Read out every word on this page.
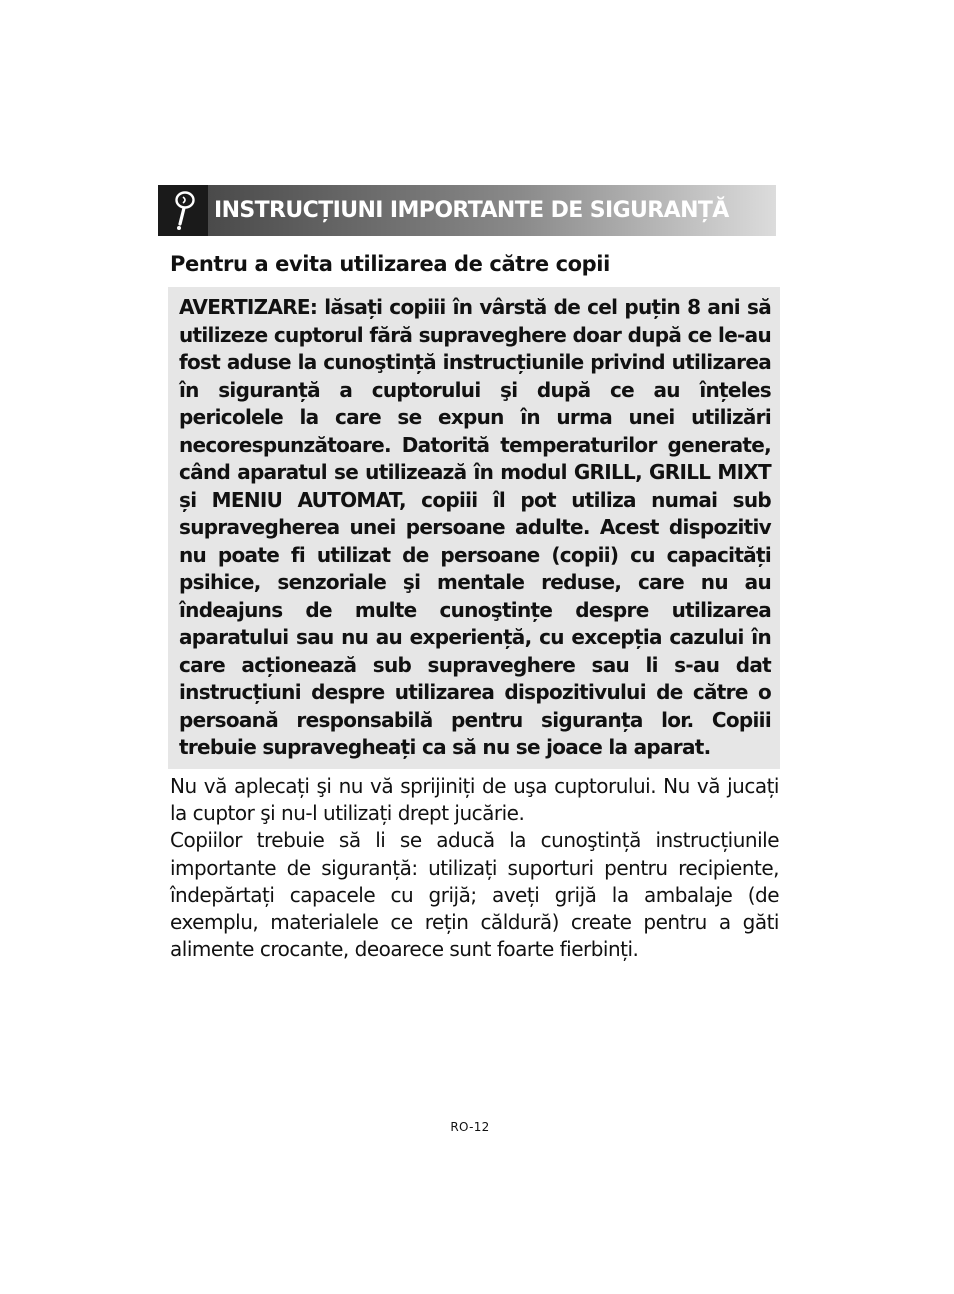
INSTRUCȚIUNI IMPORTANTE DE SIGURANȚĂ
Pentru a evita utilizarea de către copii

AVERTIZARE: lăsați copiii în vârstă de cel puțin 8 ani să utilizeze cuptorul fără supraveghere doar după ce le-au fost aduse la cunoştință instrucțiunile privind utilizarea în siguranță a cuptorului şi după ce au înțeles pericolele la care se expun în urma unei utilizări necorespunzătoare. Datorită temperaturilor generate, când aparatul se utilizează în modul GRILL, GRILL MIXT și MENIU AUTOMAT, copiii îl pot utiliza numai sub supravegherea unei persoane adulte. Acest dispozitiv nu poate fi utilizat de persoane (copii) cu capacități psihice, senzoriale şi mentale reduse, care nu au îndeajuns de multe cunoştințe despre utilizarea aparatului sau nu au experiență, cu excepția cazului în care acționează sub supraveghere sau li s-au dat instrucțiuni despre utilizarea dispozitivului de către o persoană responsabilă pentru siguranța lor. Copiii trebuie supravegheați ca să nu se joace la aparat.

Nu vă aplecați şi nu vă sprijiniți de uşa cuptorului. Nu vă jucați la cuptor şi nu-l utilizați drept jucărie.
Copiilor trebuie să li se aducă la cunoştință instrucțiunile importante de siguranță: utilizați suporturi pentru recipiente, îndepărtați capacele cu grijă; aveți grijă la ambalaje (de exemplu, materialele ce rețin căldură) create pentru a găti alimente crocante, deoarece sunt foarte fierbinți.
RO-12
